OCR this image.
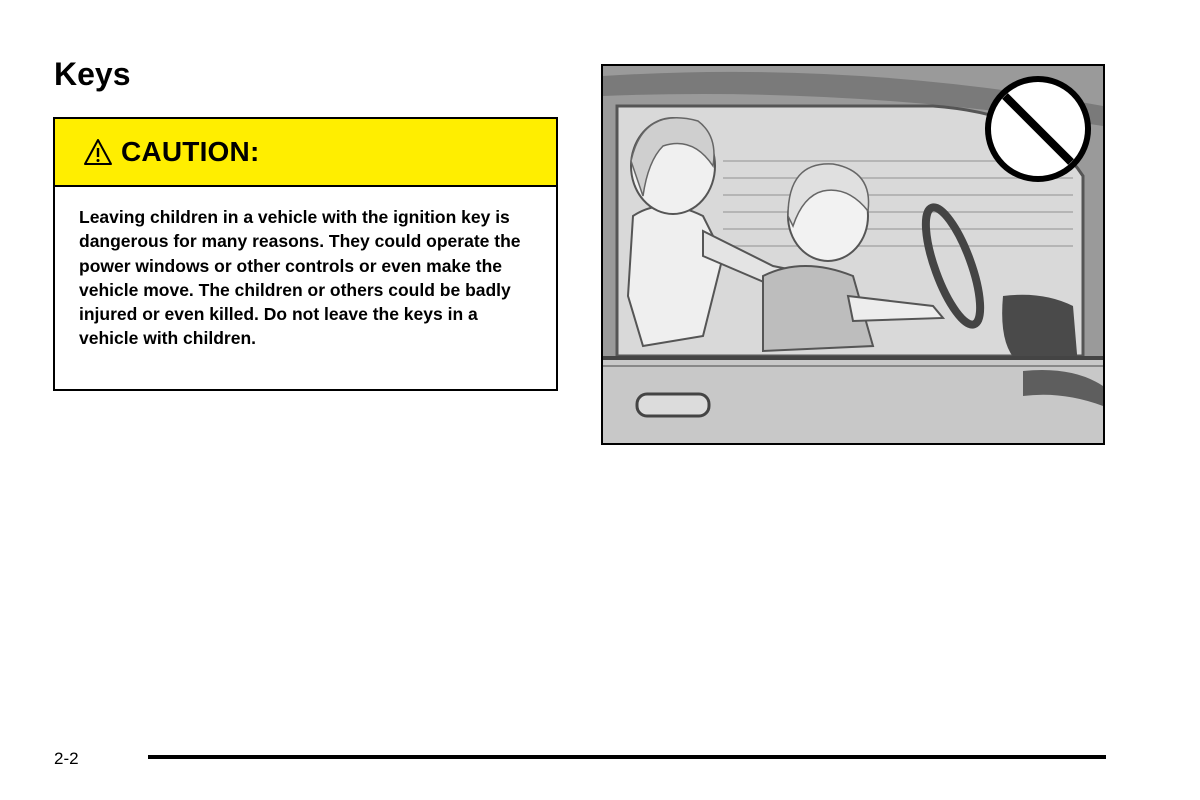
Keys
CAUTION:

Leaving children in a vehicle with the ignition key is dangerous for many reasons. They could operate the power windows or other controls or even make the vehicle move. The children or others could be badly injured or even killed. Do not leave the keys in a vehicle with children.

2-2
